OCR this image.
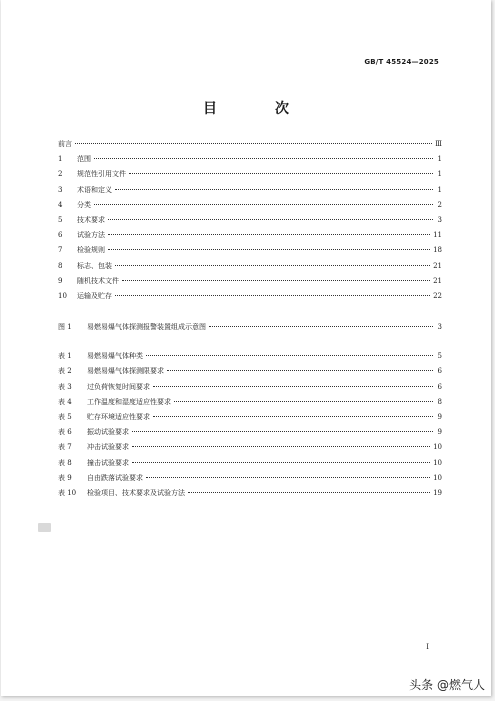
GB/T 45524—2025
目　次
前言	Ⅲ
1	范围	1
2	规范性引用文件	1
3	术语和定义	1
4	分类	2
5	技术要求	3
6	试验方法	11
7	检验规则	18
8	标志、包装	21
9	随机技术文件	21
10	运输及贮存	22
图 1	易燃易爆气体探测报警装置组成示意图	3
表 1	易燃易爆气体种类	5
表 2	易燃易爆气体探测限要求	6
表 3	过负荷恢复时间要求	6
表 4	工作温度和湿度适应性要求	8
表 5	贮存环境适应性要求	9
表 6	振动试验要求	9
表 7	冲击试验要求	10
表 8	撞击试验要求	10
表 9	自由跌落试验要求	10
表 10	检验项目、技术要求及试验方法	19
I
头条 @燃气人
